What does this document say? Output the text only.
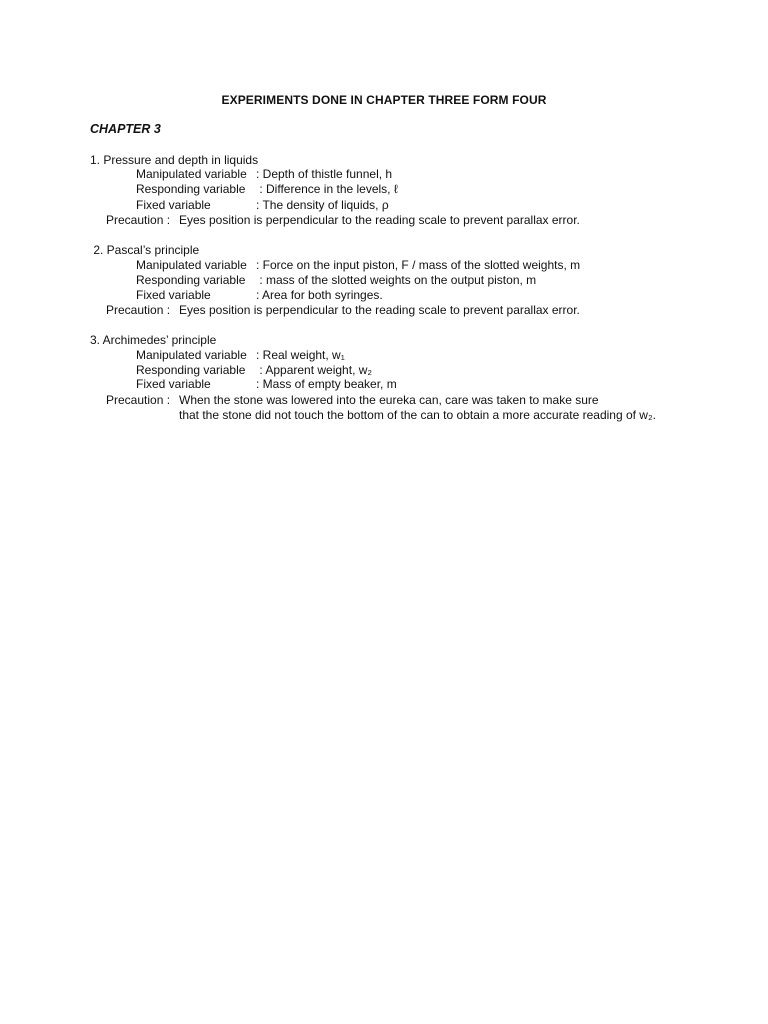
EXPERIMENTS DONE IN CHAPTER THREE FORM FOUR
CHAPTER 3
1. Pressure and depth in liquids
Manipulated variable : Depth of thistle funnel, h
Responding variable : Difference in the levels, ℓ
Fixed variable	: The density of liquids, ρ
Precaution : Eyes position is perpendicular to the reading scale to prevent parallax error.
2. Pascal’s principle
Manipulated variable : Force on the input piston, F / mass of the slotted weights, m
Responding variable : mass of the slotted weights on the output piston, m
Fixed variable	: Area for both syringes.
Precaution : Eyes position is perpendicular to the reading scale to prevent parallax error.
3. Archimedes’ principle
Manipulated variable : Real weight, w₁
Responding variable : Apparent weight, w₂
Fixed variable	: Mass of empty beaker, m
Precaution : When the stone was lowered into the eureka can, care was taken to make sure
that the stone did not touch the bottom of the can to obtain a more accurate reading of w₂.
